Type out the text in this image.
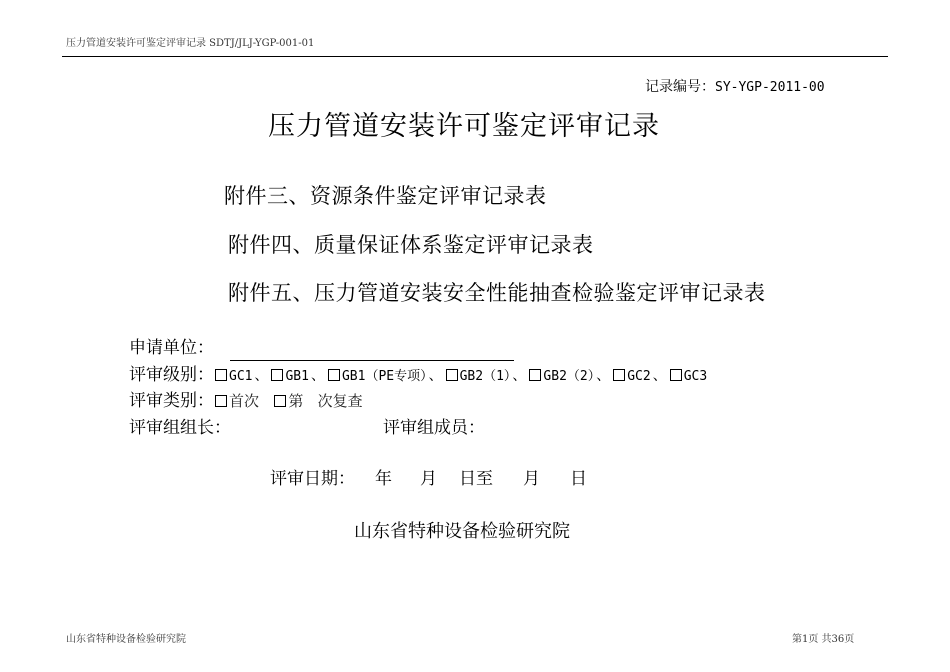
压力管道安装许可鉴定评审记录 SDTJ/JLJ-YGP-001-01
记录编号：SY-YGP-2011-00
压力管道安装许可鉴定评审记录
附件三、资源条件鉴定评审记录表
附件四、质量保证体系鉴定评审记录表
附件五、压力管道安装安全性能抽查检验鉴定评审记录表
申请单位：
评审级别： GC1 、 GB1 、 GB1（PE专项） 、 GB2（1） 、 GB2（2） 、 GC2 、 GC3
评审类别： 首次 第   次复查
评审组组长：	评审组成员：
评审日期： 年 月 日至 月 日
山东省特种设备检验研究院
山东省特种设备检验研究院	第1页 共36页
